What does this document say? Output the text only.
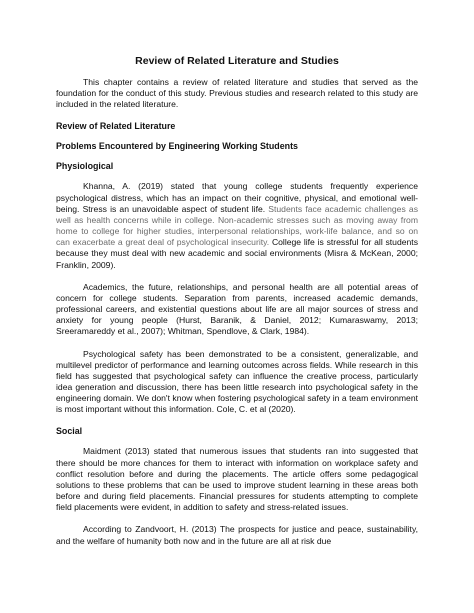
Review of Related Literature and Studies

This chapter contains a review of related literature and studies that served as the foundation for the conduct of this study. Previous studies and research related to this study are included in the related literature.

Review of Related Literature
Problems Encountered by Engineering Working Students
Physiological

Khanna, A. (2019) stated that young college students frequently experience psychological distress, which has an impact on their cognitive, physical, and emotional well-being. Stress is an unavoidable aspect of student life. Students face academic challenges as well as health concerns while in college. Non-academic stresses such as moving away from home to college for higher studies, interpersonal relationships, work-life balance, and so on can exacerbate a great deal of psychological insecurity. College life is stressful for all students because they must deal with new academic and social environments (Misra & McKean, 2000; Franklin, 2009).

Academics, the future, relationships, and personal health are all potential areas of concern for college students. Separation from parents, increased academic demands, professional careers, and existential questions about life are all major sources of stress and anxiety for young people (Hurst, Baranik, & Daniel, 2012; Kumaraswamy, 2013; Sreeramareddy et al., 2007); Whitman, Spendlove, & Clark, 1984).

Psychological safety has been demonstrated to be a consistent, generalizable, and multilevel predictor of performance and learning outcomes across fields. While research in this field has suggested that psychological safety can influence the creative process, particularly idea generation and discussion, there has been little research into psychological safety in the engineering domain. We don't know when fostering psychological safety in a team environment is most important without this information. Cole, C. et al (2020).

Social

Maidment (2013) stated that numerous issues that students ran into suggested that there should be more chances for them to interact with information on workplace safety and conflict resolution before and during the placements. The article offers some pedagogical solutions to these problems that can be used to improve student learning in these areas both before and during field placements. Financial pressures for students attempting to complete field placements were evident, in addition to safety and stress-related issues.

According to Zandvoort, H. (2013) The prospects for justice and peace, sustainability, and the welfare of humanity both now and in the future are all at risk due
